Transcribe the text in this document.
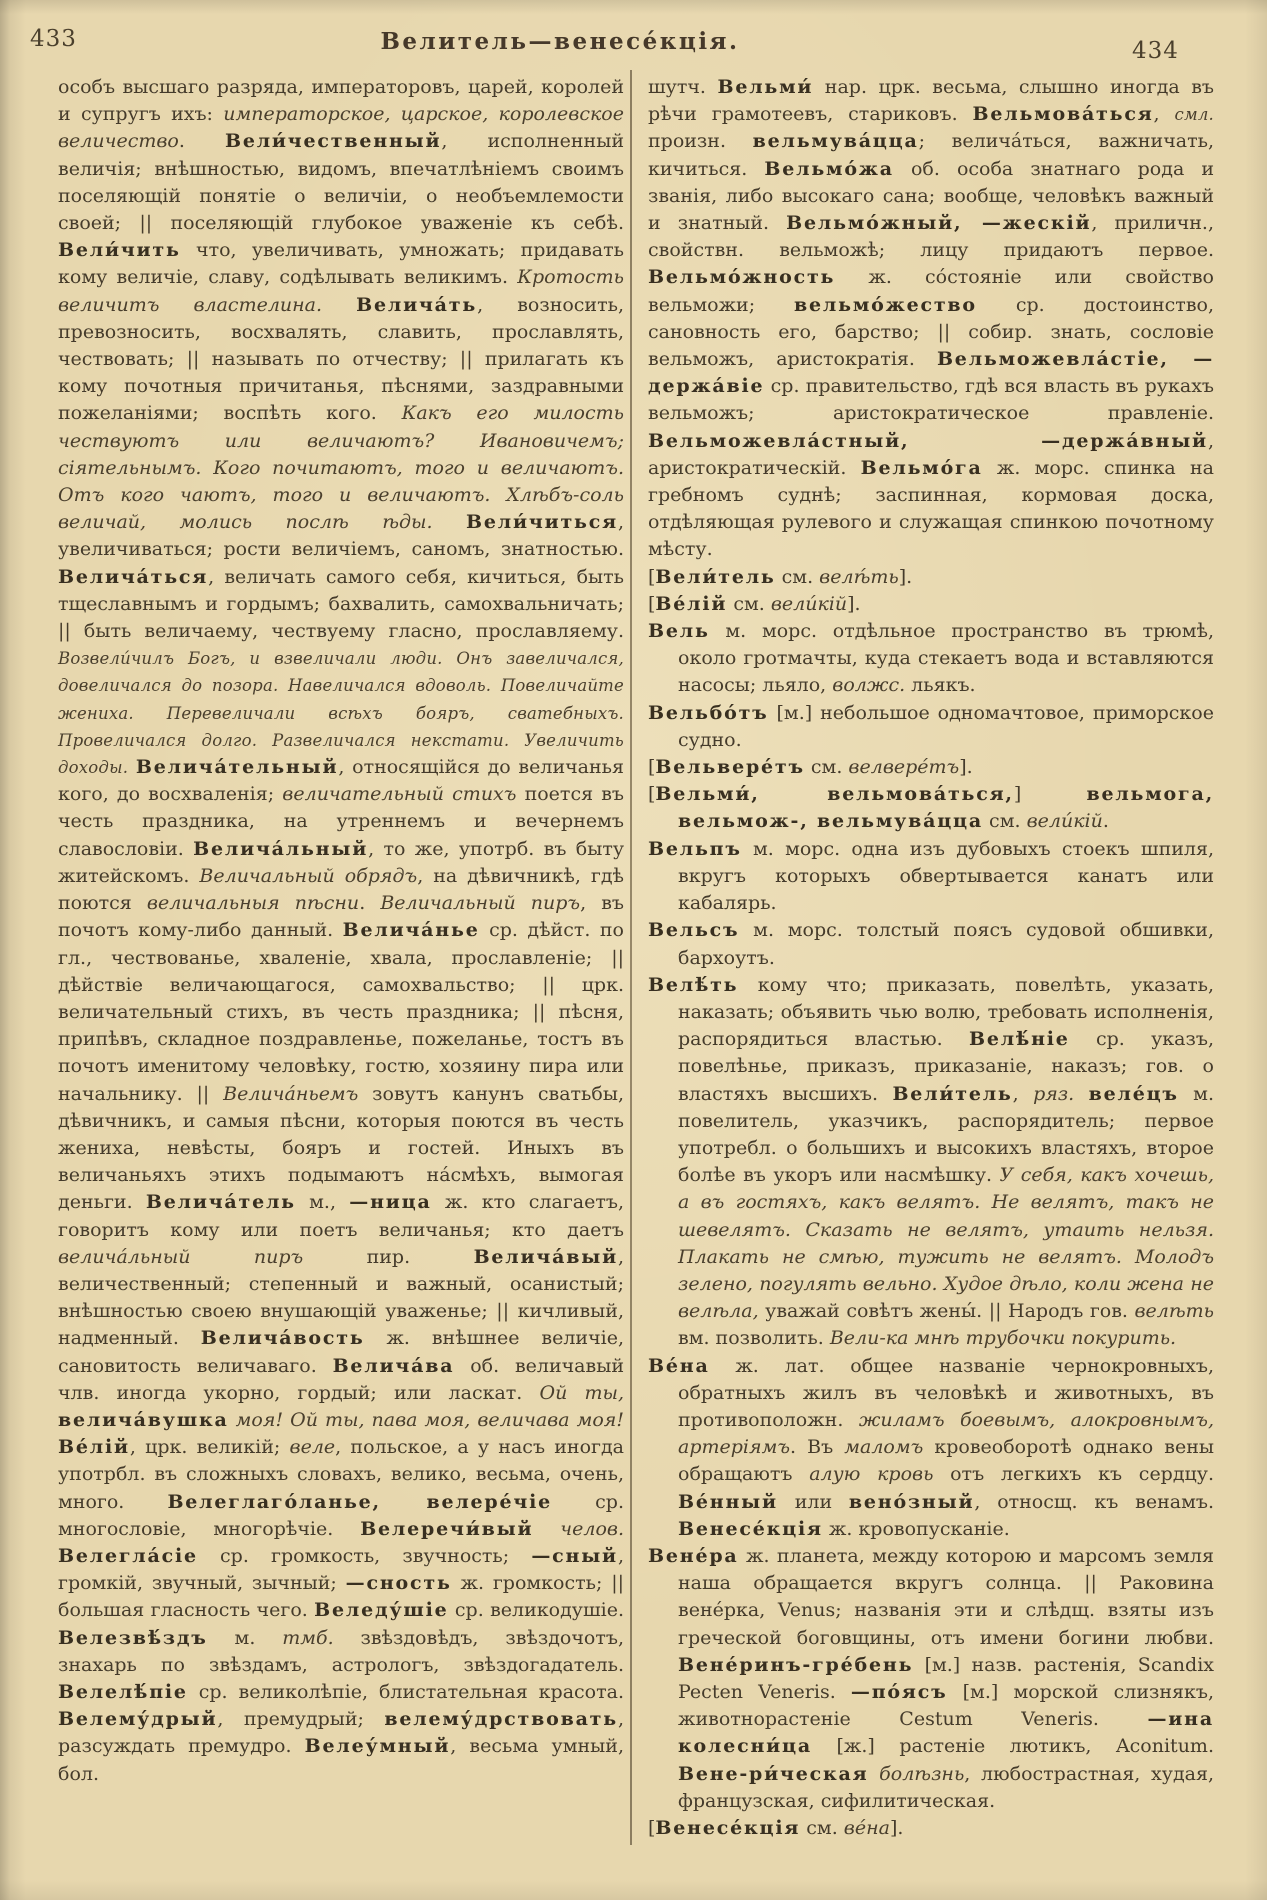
433	Велитель—венесе́кція.	434

особъ высшаго разряда, императоровъ, царей, королей и супругъ ихъ: императорское, царское, королевское величество. Вели́чественный, исполненный величія; внѣшностью, видомъ, впечатлѣніемъ своимъ поселяющій понятіе о величіи, о необъемлемости своей; || поселяющій глубокое уваженіе къ себѣ. Вели́чить что, увеличивать, умножать; придавать кому величіе, славу, содѣлывать великимъ. Кротость величитъ властелина. Велича́ть, возносить, превозносить, восхвалять, славить, прославлять, чествовать; || называть по отчеству; || прилагать къ кому почотныя причитанья, пѣснями, заздравными пожеланіями; воспѣть кого. Какъ его милость чествуютъ или величаютъ? Ивановичемъ; сіятельнымъ. Кого почитаютъ, того и величаютъ. Отъ кого чаютъ, того и величаютъ. Хлѣбъ-соль величай, молись послѣ ѣды. Вели́читься, увеличиваться; рости величіемъ, саномъ, знатностью. Велича́ться, величать самого себя, кичиться, быть тщеславнымъ и гордымъ; бахвалить, самохвальничать; || быть величаему, чествуему гласно, прославляему. Возвели́чилъ Богъ, и взвеличали люди. Онъ завеличался, довеличался до позора. Навеличался вдоволь. Повеличайте жениха. Перевеличали всѣхъ бояръ, сватебныхъ. Провеличался долго. Развеличался некстати. Увеличить доходы. Велича́тельный, относящійся до величанья кого, до восхваленія; величательный стихъ поется въ честь праздника, на утреннемъ и вечернемъ славословіи. Велича́льный, то же, употрб. въ быту житейскомъ. Величальный обрядъ, на дѣвичникѣ, гдѣ поются величальныя пѣсни. Величальный пиръ, въ почотъ кому-либо данный. Велича́нье ср. дѣйст. по гл., чествованье, хваленіе, хвала, прославленіе; || дѣйствіе величающагося, самохвальство; || црк. величательный стихъ, въ честь праздника; || пѣсня, припѣвъ, складное поздравленье, пожеланье, тостъ въ почотъ именитому человѣку, гостю, хозяину пира или начальнику. || Велича́ньемъ зовутъ канунъ сватьбы, дѣвичникъ, и самыя пѣсни, которыя поются въ честь жениха, невѣсты, бояръ и гостей. Иныхъ въ величаньяхъ этихъ подымаютъ на́смѣхъ, вымогая деньги. Велича́тель м., —ница ж. кто слагаетъ, говоритъ кому или поетъ величанья; кто даетъ велича́льный пиръ пир. Велича́вый, величественный; степенный и важный, осанистый; внѣшностью своею внушающій уваженье; || кичливый, надменный. Велича́вость ж. внѣшнее величіе, сановитость величаваго. Велича́ва об. величавый члв. иногда укорно, гордый; или ласкат. Ой ты, велича́вушка моя! Ой ты, пава моя, величава моя! Ве́лій, црк. великій; веле, польское, а у насъ иногда употрбл. въ сложныхъ словахъ, велико, весьма, очень, много. Велеглаго́ланье, велере́чіе ср. многословіе, многорѣчіе. Велеречи́вый челов. Велегла́сіе ср. громкость, звучность; —сный, громкій, звучный, зычный; —сность ж. громкость; || большая гласность чего. Веледу́шіе ср. великодушіе. Велезвѣ́здъ м. тмб. звѣздовѣдъ, звѣздочотъ, знахарь по звѣздамъ, астрологъ, звѣздогадатель. Велелѣ́піе ср. великолѣпіе, блистательная красота. Велему́дрый, премудрый; велему́дрствовать, разсуждать премудро. Велеу́мный, весьма умный, бол.

шутч. Вельми́ нар. црк. весьма, слышно иногда въ рѣчи грамотеевъ, стариковъ. Вельмова́ться, смл. произн. вельмува́цца; велича́ться, важничать, кичиться. Вельмо́жа об. особа знатнаго рода и званія, либо высокаго сана; вообще, человѣкъ важный и знатный. Вельмо́жный, —жескій, приличн., свойствн. вельможѣ; лицу придаютъ первое. Вельмо́жность ж. со́стояніе или свойство вельможи; вельмо́жество ср. достоинство, сановность его, барство; || собир. знать, сословіе вельможъ, аристократія. Вельможевла́стіе, —держа́віе ср. правительство, гдѣ вся власть въ рукахъ вельможъ; аристократическое правленіе. Вельможевла́стный, —держа́вный, аристократическій. Вельмо́га ж. морс. спинка на гребномъ суднѣ; заспинная, кормовая доска, отдѣляющая рулевого и служащая спинкою почотному мѣсту.

[Вели́тель см. велѣ́ть].

[Ве́лій см. вели́кій].

Вель м. морс. отдѣльное пространство въ трюмѣ, около гротмачты, куда стекаетъ вода и вставляются насосы; льяло, волжс. льякъ.

Вельбо́тъ [м.] небольшое одномачтовое, приморское судно.

[Вельвере́тъ см. велвере́тъ].

[Вельми́, вельмова́ться,] вельмога, вельмож-, вельмува́цца см. вели́кій.

Вельпъ м. морс. одна изъ дубовыхъ стоекъ шпиля, вкругъ которыхъ обвертывается канатъ или кабалярь.

Вельсъ м. морс. толстый поясъ судовой обшивки, бархоутъ.

Велѣ́ть кому что; приказать, повелѣть, указать, наказать; объявить чью волю, требовать исполненія, распорядиться властью. Велѣ́ніе ср. указъ, повелѣнье, приказъ, приказаніе, наказъ; гов. о властяхъ высшихъ. Вели́тель, ряз. веле́цъ м. повелитель, указчикъ, распорядитель; первое употребл. о большихъ и высокихъ властяхъ, второе болѣе въ укоръ или насмѣшку. У себя, какъ хочешь, а въ гостяхъ, какъ велятъ. Не велятъ, такъ не шевелятъ. Сказать не велятъ, утаить нельзя. Плакать не смѣю, тужить не велятъ. Молодъ зелено, погулять вельно. Худое дѣло, коли жена не велѣла, уважай совѣтъ жены́. || Народъ гов. велѣть вм. позволить. Вели-ка мнѣ трубочки покурить.

Ве́на ж. лат. общее названіе чернокровныхъ, обратныхъ жилъ въ человѣкѣ и животныхъ, въ противоположн. жиламъ боевымъ, алокровнымъ, артеріямъ. Въ маломъ кровеоборотѣ однако вены обращаютъ алую кровь отъ легкихъ къ сердцу. Ве́нный или вено́зный, относщ. къ венамъ. Венесе́кція ж. кровопусканіе.

Вене́ра ж. планета, между которою и марсомъ земля наша обращается вкругъ солнца. || Раковина вене́рка, Venus; названія эти и слѣдщ. взяты изъ греческой боговщины, отъ имени богини любви. Вене́ринъ-гре́бень [м.] назв. растенія, Scandix Pecten Veneris. —по́ясъ [м.] морской слизнякъ, животнорастеніе Cestum Veneris. —ина колесни́ца [ж.] растеніе лютикъ, Aconitum. Вене-ри́ческая болѣзнь, любострастная, худая, французская, сифилитическая.

[Венесе́кція см. ве́на].
